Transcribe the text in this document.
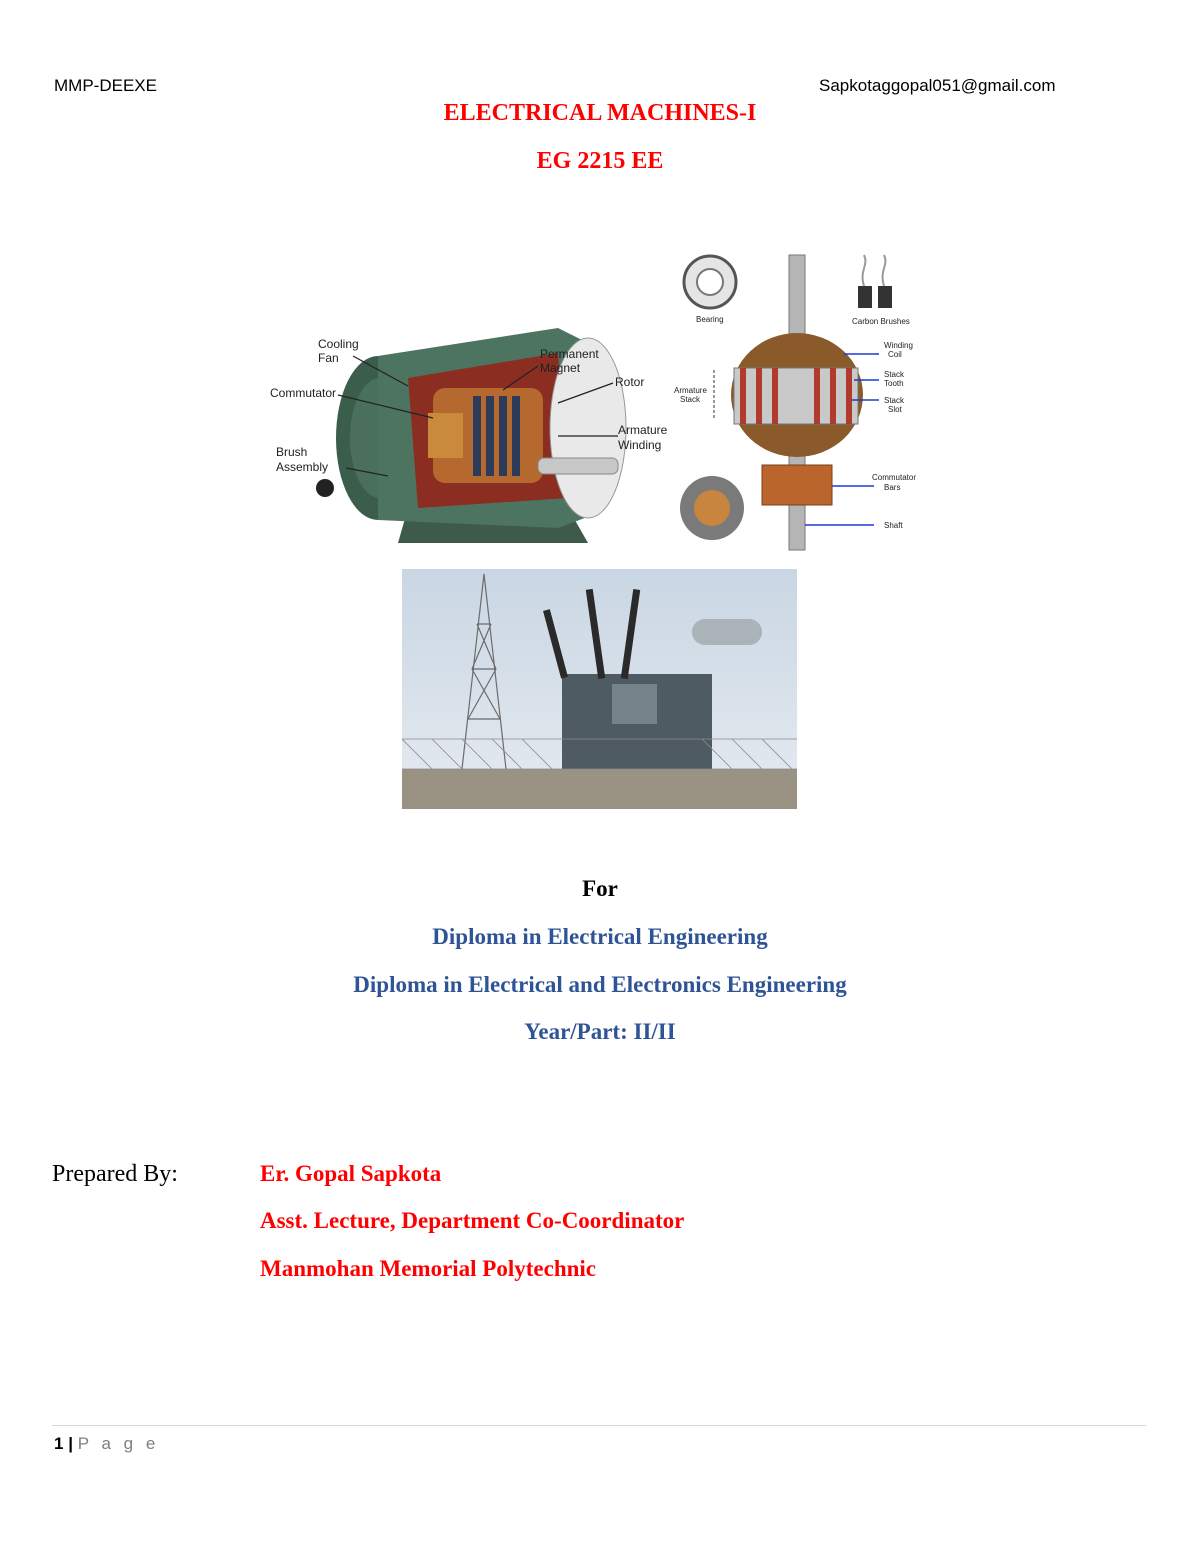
MMP-DEEXE	Sapkotaggopal051@gmail.com
ELECTRICAL MACHINES-I
EG 2215 EE
Cooling
Fan	Permanent
Magnet
Rotor
Commutator
Armature
Winding
Brush
Assembly
Bearing	Carbon Brushes
Winding
Coil
Stack
Tooth
Stack
Slot
Armature
Stack
Commutator
Bars
Shaft
For
Diploma in Electrical Engineering
Diploma in Electrical and Electronics Engineering
Year/Part: II/II
Prepared By:	Er. Gopal Sapkota
Asst. Lecture, Department Co-Coordinator
Manmohan Memorial Polytechnic
1 | P a g e
